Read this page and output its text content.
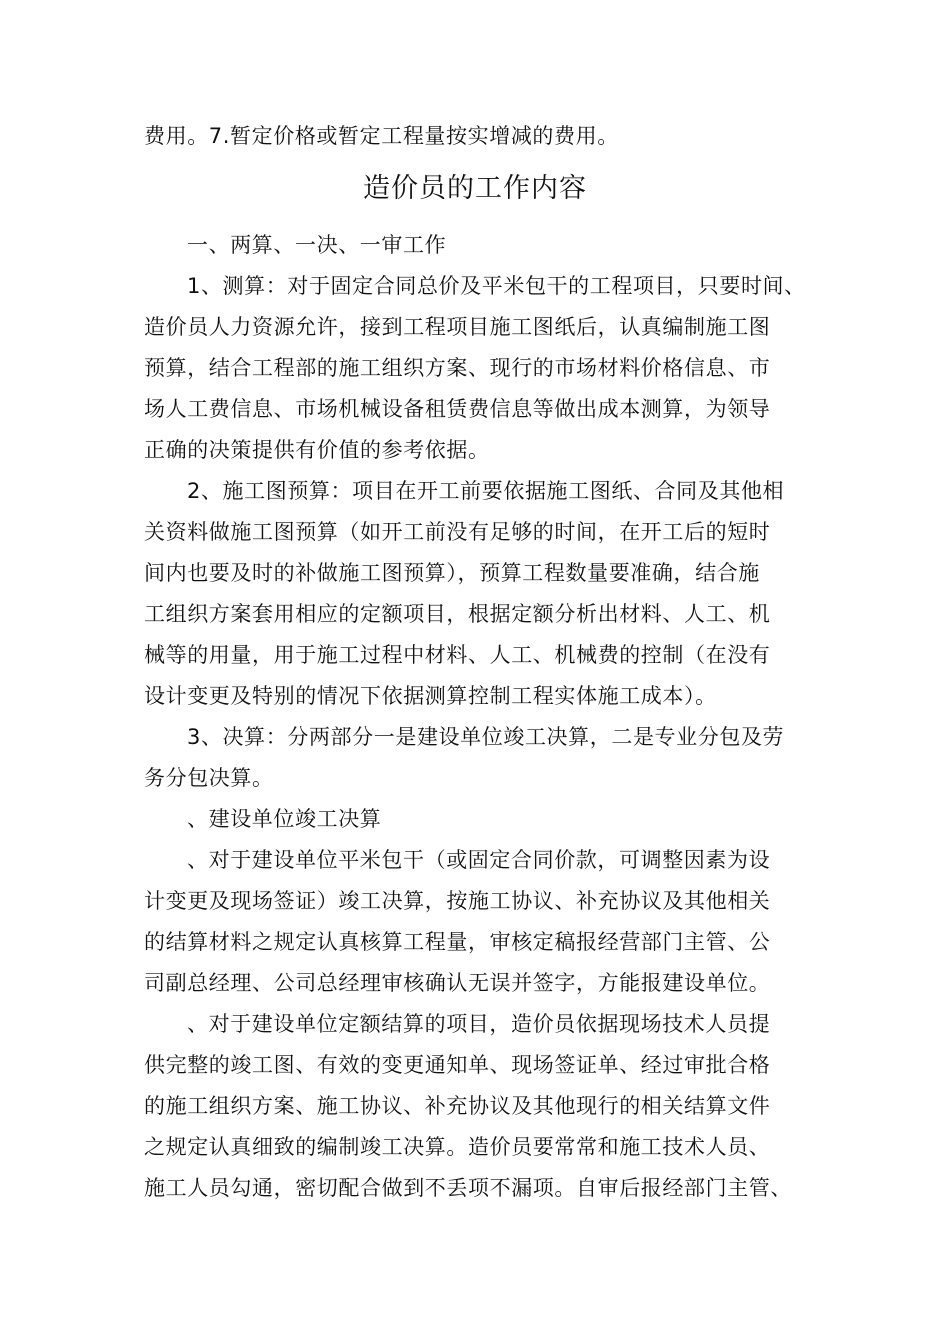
费用。7.暂定价格或暂定工程量按实增减的费用。
造价员的工作内容
一、两算、一决、一审工作
1、测算：对于固定合同总价及平米包干的工程项目，只要时间、
造价员人力资源允许，接到工程项目施工图纸后，认真编制施工图
预算，结合工程部的施工组织方案、现行的市场材料价格信息、市
场人工费信息、市场机械设备租赁费信息等做出成本测算，为领导
正确的决策提供有价值的参考依据。
2、施工图预算：项目在开工前要依据施工图纸、合同及其他相
关资料做施工图预算（如开工前没有足够的时间，在开工后的短时
间内也要及时的补做施工图预算），预算工程数量要准确，结合施
工组织方案套用相应的定额项目，根据定额分析出材料、人工、机
械等的用量，用于施工过程中材料、人工、机械费的控制（在没有
设计变更及特别的情况下依据测算控制工程实体施工成本）。
3、决算：分两部分一是建设单位竣工决算，二是专业分包及劳
务分包决算。
、建设单位竣工决算
、对于建设单位平米包干（或固定合同价款，可调整因素为设
计变更及现场签证）竣工决算，按施工协议、补充协议及其他相关
的结算材料之规定认真核算工程量，审核定稿报经营部门主管、公
司副总经理、公司总经理审核确认无误并签字，方能报建设单位。
、对于建设单位定额结算的项目，造价员依据现场技术人员提
供完整的竣工图、有效的变更通知单、现场签证单、经过审批合格
的施工组织方案、施工协议、补充协议及其他现行的相关结算文件
之规定认真细致的编制竣工决算。造价员要常常和施工技术人员、
施工人员勾通，密切配合做到不丢项不漏项。自审后报经部门主管、
